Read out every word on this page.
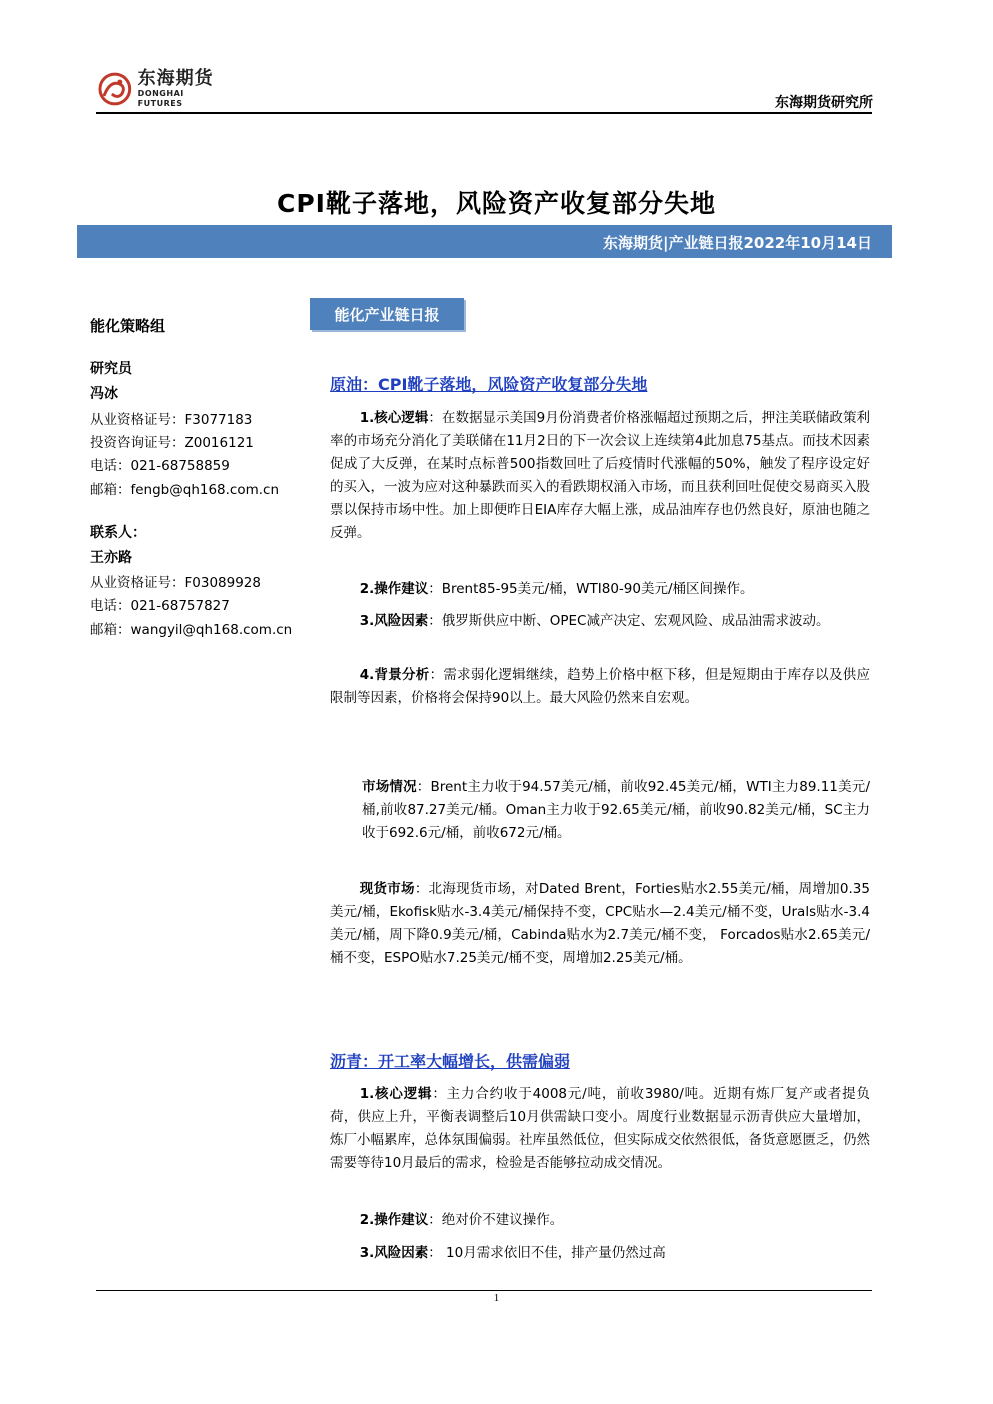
东海期货
DONGHAI FUTURES	东海期货研究所
CPI靴子落地，风险资产收复部分失地
东海期货|产业链日报2022年10月14日
能化策略组
研究员
冯冰
从业资格证号：F3077183
投资咨询证号：Z0016121
电话：021-68758859
邮箱：fengb@qh168.com.cn
联系人：
王亦路
从业资格证号：F03089928
电话：021-68757827
邮箱：wangyil@qh168.com.cn
能化产业链日报
原油：CPI靴子落地，风险资产收复部分失地
1.核心逻辑：在数据显示美国9月份消费者价格涨幅超过预期之后，押注美联储政策利率的市场充分消化了美联储在11月2日的下一次会议上连续第4此加息75基点。而技术因素促成了大反弹，在某时点标普500指数回吐了后疫情时代涨幅的50%，触发了程序设定好的买入，一波为应对这种暴跌而买入的看跌期权涌入市场，而且获利回吐促使交易商买入股票以保持市场中性。加上即便昨日EIA库存大幅上涨，成品油库存也仍然良好，原油也随之反弹。
2.操作建议：Brent85-95美元/桶，WTI80-90美元/桶区间操作。
3.风险因素：俄罗斯供应中断、OPEC减产决定、宏观风险、成品油需求波动。
4.背景分析：需求弱化逻辑继续，趋势上价格中枢下移，但是短期由于库存以及供应限制等因素，价格将会保持90以上。最大风险仍然来自宏观。
市场情况：Brent主力收于94.57美元/桶，前收92.45美元/桶，WTI主力89.11美元/桶,前收87.27美元/桶。Oman主力收于92.65美元/桶，前收90.82美元/桶，SC主力收于692.6元/桶，前收672元/桶。
现货市场：北海现货市场，对Dated Brent，Forties贴水2.55美元/桶，周增加0.35美元/桶，Ekofisk贴水-3.4美元/桶保持不变，CPC贴水—2.4美元/桶不变，Urals贴水-3.4美元/桶，周下降0.9美元/桶，Cabinda贴水为2.7美元/桶不变， Forcados贴水2.65美元/桶不变，ESPO贴水7.25美元/桶不变，周增加2.25美元/桶。
沥青：开工率大幅增长，供需偏弱
1.核心逻辑：主力合约收于4008元/吨，前收3980/吨。近期有炼厂复产或者提负荷，供应上升，平衡表调整后10月供需缺口变小。周度行业数据显示沥青供应大量增加，炼厂小幅累库，总体氛围偏弱。社库虽然低位，但实际成交依然很低，备货意愿匮乏，仍然需要等待10月最后的需求，检验是否能够拉动成交情况。
2.操作建议：绝对价不建议操作。
3.风险因素： 10月需求依旧不佳，排产量仍然过高
1
